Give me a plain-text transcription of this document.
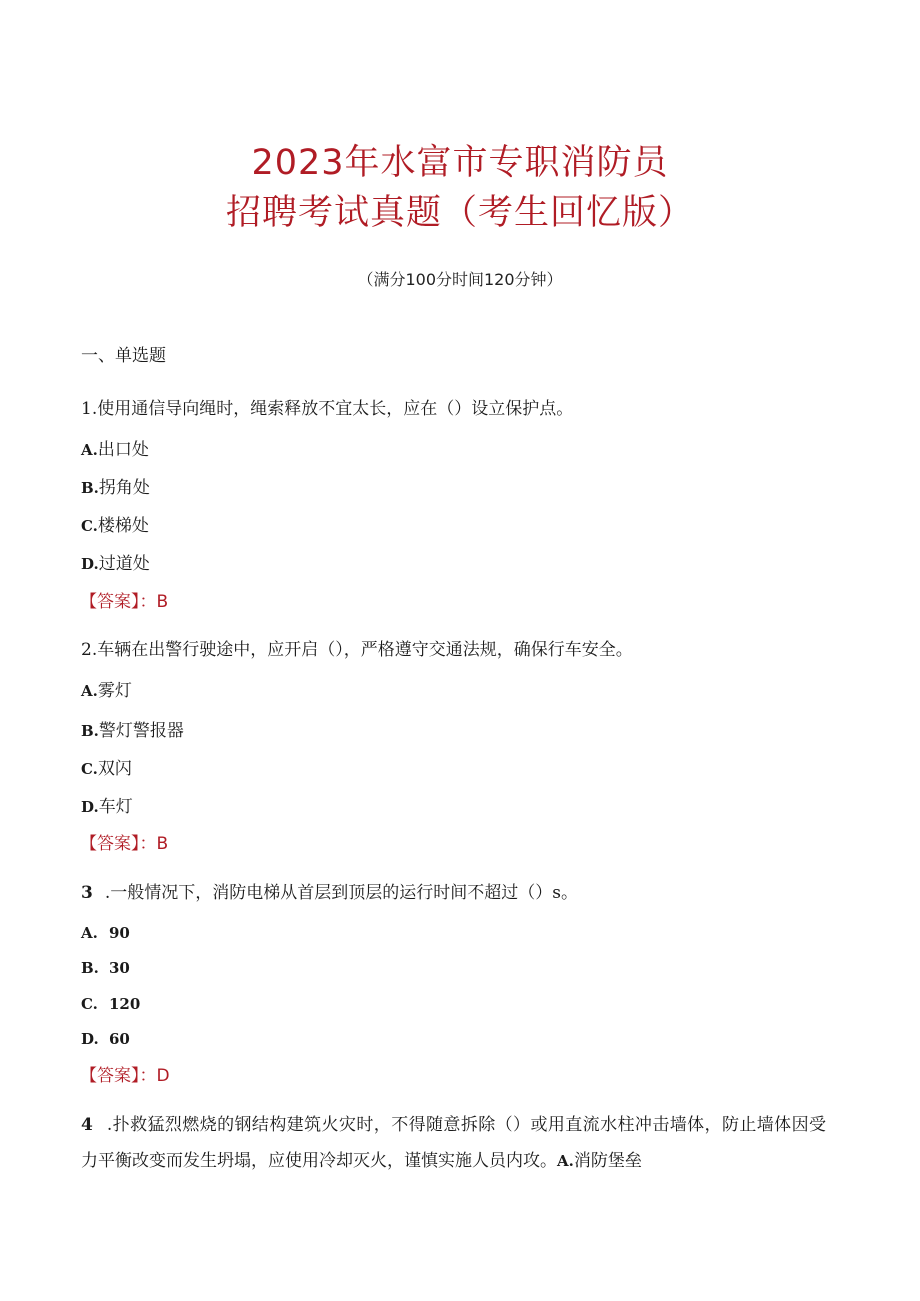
2023年水富市专职消防员
招聘考试真题（考生回忆版）
（满分100分时间120分钟）
一、单选题
1.使用通信导向绳时，绳索释放不宜太长，应在（）设立保护点。
A.出口处
B.拐角处
C.楼梯处
D.过道处
【答案】：B
2.车辆在出警行驶途中，应开启（），严格遵守交通法规，确保行车安全。
A.雾灯
B.警灯警报器
C.双闪
D.车灯
【答案】：B
3 .一般情况下，消防电梯从首层到顶层的运行时间不超过（）s。
A. 90
B. 30
C. 120
D. 60
【答案】：D
4 .扑救猛烈燃烧的钢结构建筑火灾时，不得随意拆除（）或用直流水柱冲击墙体，防止墙体因受力平衡改变而发生坍塌，应使用冷却灭火，谨慎实施人员内攻。A.消防堡垒
